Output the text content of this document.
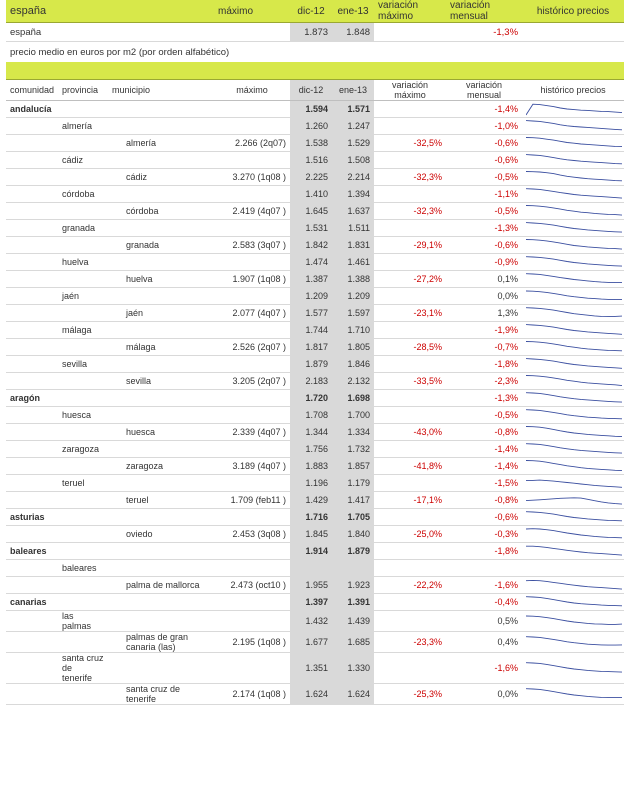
españa	máximo	dic-12	ene-13	variación máximo	variación mensual	histórico precios
españa		1.873	1.848		-1,3%	
precio medio en euros por m2 (por orden alfabético)

comunidad	provincia	municipio	máximo	dic-12	ene-13	variación máximo	variación mensual	histórico precios
andalucía				1.594	1.571		-1,4%	

	almería			1.260	1.247		-1,0%	

		almería	2.266 (2q07)	1.538	1.529	-32,5%	-0,6%	

	cádiz			1.516	1.508		-0,6%	

		cádiz	3.270 (1q08 )	2.225	2.214	-32,3%	-0,5%	

	córdoba			1.410	1.394		-1,1%	

		córdoba	2.419 (4q07 )	1.645	1.637	-32,3%	-0,5%	

	granada			1.531	1.511		-1,3%	

		granada	2.583 (3q07 )	1.842	1.831	-29,1%	-0,6%	

	huelva			1.474	1.461		-0,9%	

		huelva	1.907 (1q08 )	1.387	1.388	-27,2%	0,1%	

	jaén			1.209	1.209		0,0%	

		jaén	2.077 (4q07 )	1.577	1.597	-23,1%	1,3%	

	málaga			1.744	1.710		-1,9%	

		málaga	2.526 (2q07 )	1.817	1.805	-28,5%	-0,7%	

	sevilla			1.879	1.846		-1,8%	

		sevilla	3.205 (2q07 )	2.183	2.132	-33,5%	-2,3%	

aragón				1.720	1.698		-1,3%	

	huesca			1.708	1.700		-0,5%	

		huesca	2.339 (4q07 )	1.344	1.334	-43,0%	-0,8%	

	zaragoza			1.756	1.732		-1,4%	

		zaragoza	3.189 (4q07 )	1.883	1.857	-41,8%	-1,4%	

	teruel			1.196	1.179		-1,5%	

		teruel	1.709 (feb11 )	1.429	1.417	-17,1%	-0,8%	

asturias				1.716	1.705		-0,6%	

		oviedo	2.453 (3q08 )	1.845	1.840	-25,0%	-0,3%	

baleares				1.914	1.879		-1,8%	

	baleares							
		palma de mallorca	2.473 (oct10 )	1.955	1.923	-22,2%	-1,6%	

canarias				1.397	1.391		-0,4%	

	las palmas			1.432	1.439		0,5%	

		palmas de gran canaria (las)	2.195 (1q08 )	1.677	1.685	-23,3%	0,4%	

	santa cruz de tenerife			1.351	1.330		-1,6%	

		santa cruz de tenerife	2.174 (1q08 )	1.624	1.624	-25,3%	0,0%	
